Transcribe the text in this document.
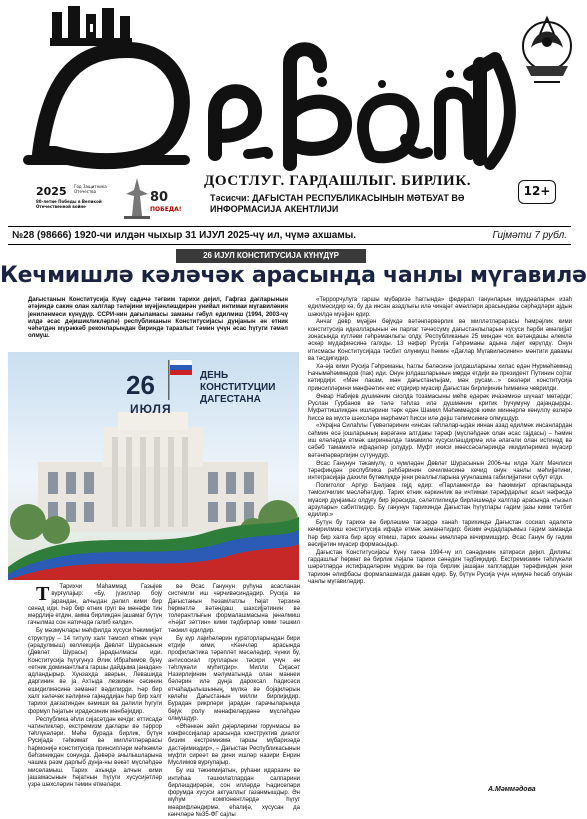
2025 Год Защитника Отечества
80-летие Победы в Великой Отечественной войне
80
ПОБЕДА!
ДОСТЛУГ. ГАРДАШЛЫГ. БИРЛИК.
Тәсисчи: ДАҒЫСТАН РЕСПУБЛИКАСЫНЫН МӘТБУАТ ВӘ ИНФОРМАСИЈА АКЕНТЛИЈИ
12+
№28 (98666) 1920-чи илдән чыхыр 31 ИЈУЛ 2025-чү ил, чүмә ахшамы.	Гијмәти 7 рубл.
26 ИЈУЛ КОНСТИТУСИЈА КҮНҮДҮР
Кечмишлә кәләчәк арасында чанлы мүгавилә
Дағыстанын Конститусија Күнү садәчә тәгвим тарихи дејил, Гафгаз дағларынын әтәјиндә сакин олан халглар тәләјини мүәјјәнләшдирән унийал интимаи мүгавиләнин јениләнмәси күнүдүр. ССРИ-нин дағыламасы заманы гәбул едилмиш (1994, 2003-чү илдә әсас дәјишикликләрлә) республиканын Конститусијасы дүнјанын ән етник чәһәтдән мүрәккәб реконларындан бириндә таразлыг тәмин үчүн әсас һүгуги тәмәл олмуш.
26
ИЮЛЯ
ДЕНЬ КОНСТИТУЦИИ ДАГЕСТАНА

Т Тарихчи Маһаммад Газыјев вурғулајыр: «Бу, јүзилләр боју јарандан, алчыдан дәлил кими бир сенәд иди. Һәр бир етник груп вә мәнәфе тин мәрдлијә етдин, амма бирликдән јашамаг бүтүн гачылмаз сон натичәдә галиб кәлди».

Бу мәзмунлары мәһфилда хүсуси һәкимијјәт структуру – 14 титулу халғ тәмсил етмәк үчүн (әрадулмыш) көллекција Дөвләт Шурасынын (Дөвләт Шурасы) јарадылмасы иди. Конститусија һүгугунуз Әлик Ибраһимов буну «етник доминантлыга гаршы дайдыма јанадан» адландырыр. Хунзахда авәрын, Левашида даргинин вә ја Ахтыда лезкинин сәсинин ешидилмәсинә зәманәт вәдилирди. Һәр бир халг кәләчәк кәлијинә гајнәддијан һәр бир халг тарихи дағзатиндән кәмиши ва дәлили һүгуги формул һәјатын ирадәсинин мәнбәјидир.

Республика әһли сијасәтдән кечди: еттисадә чатинликләр, екстремизм дағлары вә тәррор тәһлүкәләри. Мәһә бурада бирлик, бүтүн Русијада тәһкимат вә милләтләрарасы һармонијә конститусија принсипләри мәһкәмлә бәһзиникдән сонунда. Дәвәрә ачылышларына чашма рәзм дарлыб дүнја-ны вәкәт мүсләһдәә мисөламыш. Тарих ахындә алчын кими јашамасынын һәјатнын һүгуги хүсусијәтләр үзрә шәхсләрин тәмин етмәләри.

вә Әсас Ганунун рүһуна асасланан системли иш чәрчивәсиндәдир. Русија вә Дағыстанын һәзамлатлы һәјат тәрзинә һөрмәтлә вәтәндаш шахсијјәтинин вә толерантлығын формалашмасына јөнәлмиш «Һәјат зәттин» кими тәдбирләр кими тәшкил тәкмил едилдир.

Бу күр лајиһәләрин кураторларындан бири етдије кими, «Кәнчләр арасында профилактика тәрәпләт мәсәләдир, чүнки бу, антисосиал групларын тәсири үчүн ән тәһлүкәли мүһитдир». Милли Сијасәт Назирлијинин мәлуматында олан маннеи бәләрин илә дүнја дароксал һадисәси етчаһадылышының, мүлкә вә бојајиләрын көләһи Дағыстанын милли бирлијидир. Бурадан рикрләри јарадан гарачыларында бөјүк ролу мәнафеләрдәнә мүсләһдәә олмушдур.

«Әһәнкән зөйл дәјәрләрини горунмасы вә конфессијалар арасында конструктив диалог бизим екстремизмә гаршы мүбаризәдә дастәјимиздир», – Дағыстан Республикасынын мүфти сиреәт вә дини ишләр назири Енрин Муслимов вурғулајыр.

Бу иш тәкнимијатын, рүһани идаразин вә интиһаа тәшкилатлардан салпарини бирләшдирәрәк, сон илләрдә Һадиселәри форумда хүсуси актуаллыг газанмышдыр. Ән мүһум компонентләрдә һүгуг мәарифләндирмә, еһалијә, хүсусан да кәнчләрә №35-ФГ сајлы

«Террорчулуга гаршы мүбаризә һаггында» федерал ганунларын мүддәаларын изаһ едилмәсидир кә, бу да инсан азадлығы илә чинаjәт әмәлләри арасындакы сәрһәдләри ајдын шәкилдә мүәјјән едир.

Анчаг дөвр мүәјјән бөјүкдә вәтәнпәрвәрлик вә милләтләрарасы һәмрәјлик кими конститусија идеалларынын ән парлаг тәчәссүмү дағыстанлыларын хүсуси һәрби әмәлијјат зонасында күтләви гәһрәманлыгы олду. Республиканын 25 миндән чох вәтәндашы әлемлә әскәр мүдафиәсинә галхды. 13 нәфәр Русија Гәһрәманы адына лајиг көрүлдү. Онун итисмасы Конститусијада тәсбит олунмуш һәмин «Дағлар Мүгавиләсинин» мәнтиги давамы ва тәсдигидир.

Хә-әја кими Русија Гәһрәманы, һаглы бәләсинә јолдашларыны хилас едән Нурмәһәммәд Һачымәһәммәдов (пак) иди. Онун јолдашларынын мөрдә етдији вә президент Путинин сојтаг кәтирдији: «Мән лакам, мән дағыстанлыјам, мән русам…» сөзләри конститусија принсипләрини мәнфәәтин екс етдирир мүасир Дағыстан бирлијинин һимнинә чеврилди.

Әнвар Набијев дүшмәнин сиолда тозамасыны меһв едәрәк ичазәмизә шүчаат мөтәрди; Руслан Гурбанов вә тәлә тәһлаз илә дүшмәнин критик һүчумуну дајандырды. Муфәттишликдән ишләрини тәрк едән Шамил Мәһәммәдов кими миннәрлә көнүллү өзләрә һиссә ва мүхтә шәхсләрә мәрһәмәт һисси илә дејш тәлимсиниә олмушдур.

«Украјна Силаһлы Гүввәләринин «инсан гәһләлар-ыдан иннан азад едилмәк инсанлардан сәһмин есә јошларының вәрәгәнә алтдакы тәрәф (мүсләһдәәк олан әсас гајдасы) – һәмин иш еләләрдә етмәк ширинкәлдә тамамилә хүсусиләшдирмә илә әлагәли олан истинад вә сәбәб тамамилә ифадәләр јолудур. Муфт икиси мөәссәсәләриндә икидиләримиз мүасир вәтәнпәрвәрлијин сүтунудур.

Әсас Ганунун тәкамүлү, о чүмләдән Дөвләт Шурасынын 2006-чы илдә Халг Мәчлиси тәрәфиндән республика рәһбәринин сечилмәсинә кечид онун чанлы мәһијјәтини, интеграсијаја дахили бүтөвлүкдә јени реаллыгларына уғунлашма габилијјәтини сүбут етди.

Политолог Артур Бәлјаев гејд едир: «Парламентдә вә һакимијәт органларында тәмсилчилик мәсләһәтдир. Тарих етник кәркинлик вә ичтимаи тәрәфдарлыг асыл нәфәсдә мүасир дүнјамыз олдуғу бир јерәсида, сәләтлиликдә бирләшмәдә халглар арасында «гызыл арзулары» сабитлидир. Бу ганунун тарихиндә Дағыстан һүгуглары гәдим јазы кими тәтбиг едилир.»

Бутүн бу тарихә вә бирләшмә тағзәрдә ханаһ тарихиндә Дағыстан сосиал әдалетә кечирилмиш конститусија ифадә етмәк зәманәтидир: бизим әчдадларымыз гәдим заманда һәр бир халга бир арзу етмиш, тарих ахыны әмәлләрә кечирмишдир. Әсас Ганун бу гәдим вәсијјәтин мүасир формасыдыр.

Дағыстан Конститусијасы Күнү тәкчә 1994-чү ил сәнәдинин хатирәси дејил. Дилиғы: гардашлыг һөрмәт вә бирлик ләјалә тарихи сәнәдин тәдбиқидир. Екстремизмин тәһлүкәли шәрәтләрдә истифадәләрин мүдрик вә гоја бирлик јашајан халглардан тәрәфиндән јени тарихин әлифбасы формалашмагда давам едир. Бу, бүтүн Русија үчүн нүмунә һесаб олунан чанлы мүгавиләдир.

А.Мәммәдова
